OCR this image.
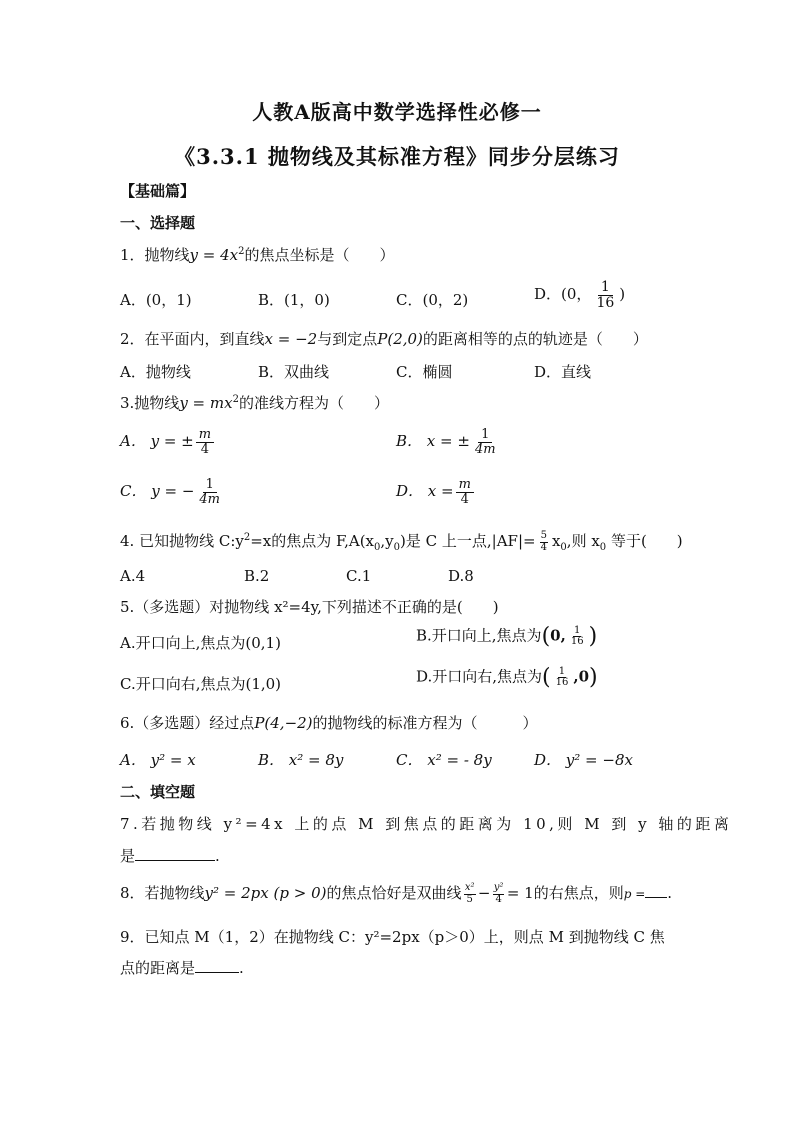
人教A版高中数学选择性必修一
《3.3.1 抛物线及其标准方程》同步分层练习
【基础篇】
一、选择题
1．抛物线$y = 4x^2$的焦点坐标是（　　）
A．(0，1)	B．(1，0)	C．(0，2)	D．(0， $\frac{1}{16}$ )
2．在平面内，到直线x = −2与到定点P(2,0)的距离相等的点的轨迹是（　　）
A．抛物线	B．双曲线	C．椭圆	D．直线
3.抛物线$y = mx^2$的准线方程为（　　）
A． y = ± $\frac{m}{4}$	B． x = ± $\frac{1}{4m}$
C． y = − $\frac{1}{4m}$	D． $x = \frac{m}{4}$
4. 已知抛物线 $C:y^2=x$的焦点为 $F,A(x_0,y_0)$是 C 上一点$,|AF|= \frac{5}{4} x_0$,则 $x_0$ 等于(　　)
A.4	B.2	C.1	D.8
5.（多选题）对抛物线 x²=4y,下列描述不正确的是(　　)
A.开口向上,焦点为(0,1)	B.开口向上,焦点为(0, $\frac{1}{16}$ )
C.开口向右,焦点为(1,0)	D.开口向右,焦点为( $\frac{1}{16} ,0$)
6.（多选题）经过点P(4,−2)的抛物线的标准方程为（　　　）
A． y² = x	B． x² = 8y	C． x² = - 8y	D． y² = −8x
二、填空题
7.若抛物线 y²=4x 上的点 M 到焦点的距离为 10,则 M 到 y 轴的距离
是	.
8．若抛物线y² = 2px (p > 0)的焦点恰好是双曲线 $\frac{\text{x²}}{5} - \frac{\text{y²}}{4} = 1$的右焦点，则p = .
9．已知点 M（1，2）在抛物线 C：y²=2px（p＞0）上，则点 M 到抛物线 C 焦
点的距离是	.
